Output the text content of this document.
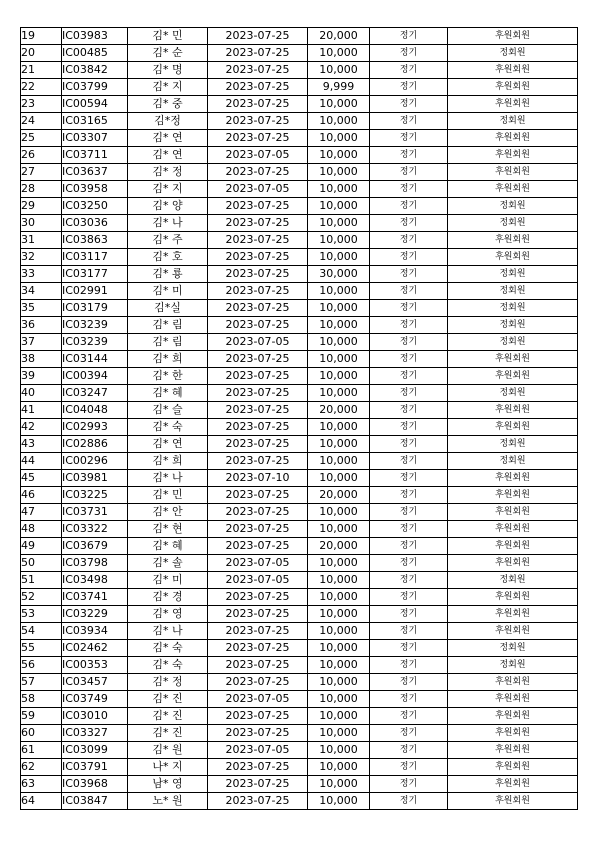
19	IC03983	김* 민	2023-07-25	20,000	정기	후원회원
20	IC00485	김* 순	2023-07-25	10,000	정기	정회원
21	IC03842	김* 명	2023-07-25	10,000	정기	후원회원
22	IC03799	김* 지	2023-07-25	9,999	정기	후원회원
23	IC00594	김* 중	2023-07-25	10,000	정기	후원회원
24	IC03165	김*정	2023-07-25	10,000	정기	정회원
25	IC03307	김* 연	2023-07-25	10,000	정기	후원회원
26	IC03711	김* 연	2023-07-05	10,000	정기	후원회원
27	IC03637	김* 정	2023-07-25	10,000	정기	후원회원
28	IC03958	김* 지	2023-07-05	10,000	정기	후원회원
29	IC03250	김* 양	2023-07-25	10,000	정기	정회원
30	IC03036	김* 나	2023-07-25	10,000	정기	정회원
31	IC03863	김* 주	2023-07-25	10,000	정기	후원회원
32	IC03117	김* 호	2023-07-25	10,000	정기	후원회원
33	IC03177	김* 룡	2023-07-25	30,000	정기	정회원
34	IC02991	김* 미	2023-07-25	10,000	정기	정회원
35	IC03179	김*실	2023-07-25	10,000	정기	정회원
36	IC03239	김* 림	2023-07-25	10,000	정기	정회원
37	IC03239	김* 림	2023-07-05	10,000	정기	정회원
38	IC03144	김* 희	2023-07-25	10,000	정기	후원회원
39	IC00394	김* 한	2023-07-25	10,000	정기	후원회원
40	IC03247	김* 혜	2023-07-25	10,000	정기	정회원
41	IC04048	김* 슬	2023-07-25	20,000	정기	후원회원
42	IC02993	김* 숙	2023-07-25	10,000	정기	후원회원
43	IC02886	김* 연	2023-07-25	10,000	정기	정회원
44	IC00296	김* 희	2023-07-25	10,000	정기	정회원
45	IC03981	김* 나	2023-07-10	10,000	정기	후원회원
46	IC03225	김* 민	2023-07-25	20,000	정기	후원회원
47	IC03731	김* 안	2023-07-25	10,000	정기	후원회원
48	IC03322	김* 현	2023-07-25	10,000	정기	후원회원
49	IC03679	김* 혜	2023-07-25	20,000	정기	후원회원
50	IC03798	김* 솔	2023-07-05	10,000	정기	후원회원
51	IC03498	김* 미	2023-07-05	10,000	정기	정회원
52	IC03741	김* 경	2023-07-25	10,000	정기	후원회원
53	IC03229	김* 영	2023-07-25	10,000	정기	후원회원
54	IC03934	김* 나	2023-07-25	10,000	정기	후원회원
55	IC02462	김* 숙	2023-07-25	10,000	정기	정회원
56	IC00353	김* 숙	2023-07-25	10,000	정기	정회원
57	IC03457	김* 정	2023-07-25	10,000	정기	후원회원
58	IC03749	김* 진	2023-07-05	10,000	정기	후원회원
59	IC03010	김* 진	2023-07-25	10,000	정기	후원회원
60	IC03327	김* 진	2023-07-25	10,000	정기	후원회원
61	IC03099	김* 원	2023-07-05	10,000	정기	후원회원
62	IC03791	나* 지	2023-07-25	10,000	정기	후원회원
63	IC03968	남* 영	2023-07-25	10,000	정기	후원회원
64	IC03847	노* 원	2023-07-25	10,000	정기	후원회원
